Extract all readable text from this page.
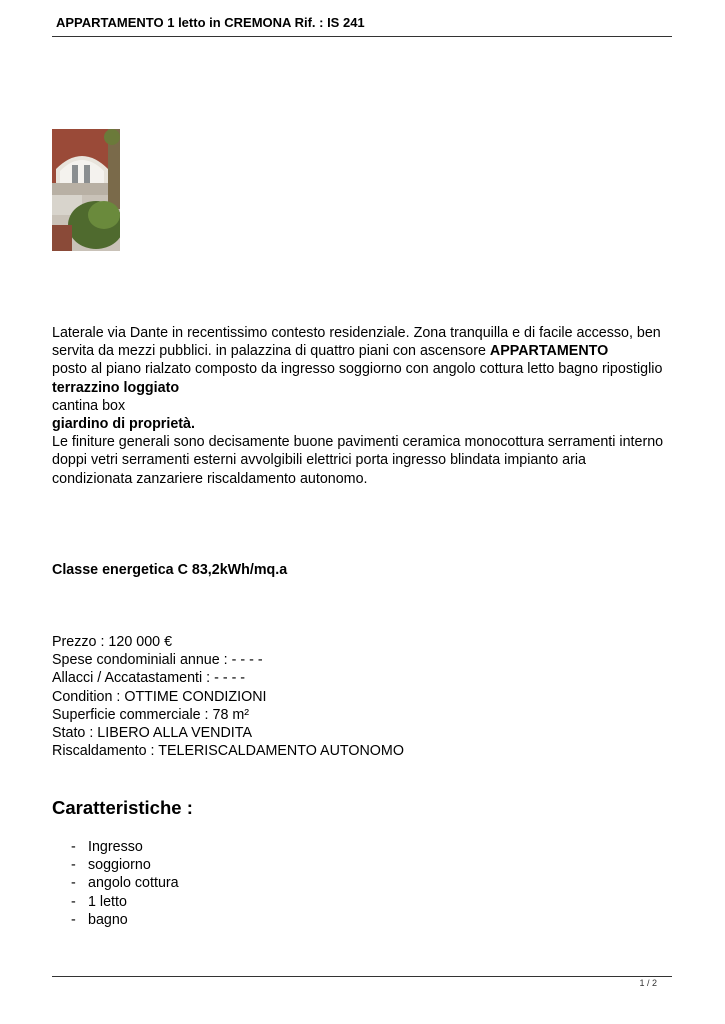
APPARTAMENTO 1 letto in CREMONA Rif. : IS 241

Laterale via Dante in recentissimo contesto residenziale. Zona tranquilla e di facile accesso, ben servita da mezzi pubblici. in palazzina di quattro piani con ascensore APPARTAMENTO

posto al piano rialzato composto da ingresso soggiorno con angolo cottura letto bagno ripostiglio

terrazzino loggiato

cantina box

giardino di proprietà.

Le finiture generali sono decisamente buone pavimenti ceramica monocottura serramenti interno doppi vetri serramenti esterni avvolgibili elettrici porta ingresso blindata impianto aria condizionata zanzariere riscaldamento autonomo.

Classe energetica C 83,2kWh/mq.a
Prezzo : 120 000 €
Spese condominiali annue : - - - -
Allacci / Accatastamenti : - - - -
Condition : OTTIME CONDIZIONI
Superficie commerciale : 78 m²
Stato : LIBERO ALLA VENDITA
Riscaldamento : TELERISCALDAMENTO AUTONOMO
Caratteristiche :
- Ingresso
- soggiorno
- angolo cottura
- 1 letto
- bagno
1 / 2
